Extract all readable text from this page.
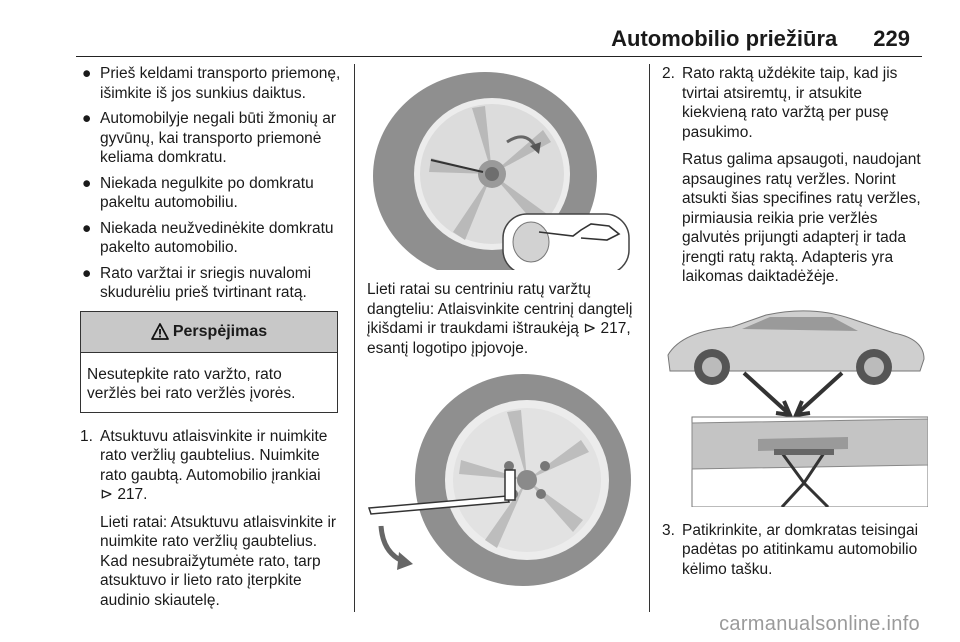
Automobilio priežiūra 229
● Prieš keldami transporto priemonę, išimkite iš jos sunkius daiktus.
● Automobilyje negali būti žmonių ar gyvūnų, kai transporto priemonė keliama domkratu.
● Niekada negulkite po domkratu pakeltu automobiliu.
● Niekada neužvedinėkite domkratu pakelto automobilio.
● Rato varžtai ir sriegis nuvalomi skudurėliu prieš tvirtinant ratą.
Perspėjimas
Nesutepkite rato varžto, rato veržlės bei rato veržlės įvorės.
1. Atsuktuvu atlaisvinkite ir nuimkite rato veržlių gaubtelius. Nuimkite rato gaubtą. Automobilio įrankiai
⊳ 217.

Lieti ratai: Atsuktuvu atlaisvinkite ir nuimkite rato veržlių gaubtelius. Kad nesubraižytumėte rato, tarp atsuktuvo ir lieto rato įterpkite audinio skiautelę.

Lieti ratai su centriniu ratų varžtų dangteliu: Atlaisvinkite centrinį dangtelį įkišdami ir traukdami ištraukėją ⊳ 217, esantį logotipo įpjovoje.

2. Rato raktą uždėkite taip, kad jis tvirtai atsiremtų, ir atsukite kiekvieną rato varžtą per pusę pasukimo.

Ratus galima apsaugoti, naudojant apsaugines ratų veržles. Norint atsukti šias specifines ratų veržles, pirmiausia reikia prie veržlės galvutės prijungti adapterį ir tada įrengti ratų raktą. Adapteris yra laikomas daiktadėžėje.

3. Patikrinkite, ar domkratas teisingai padėtas po atitinkamu automobilio kėlimo tašku.

carmanualsonline.info
